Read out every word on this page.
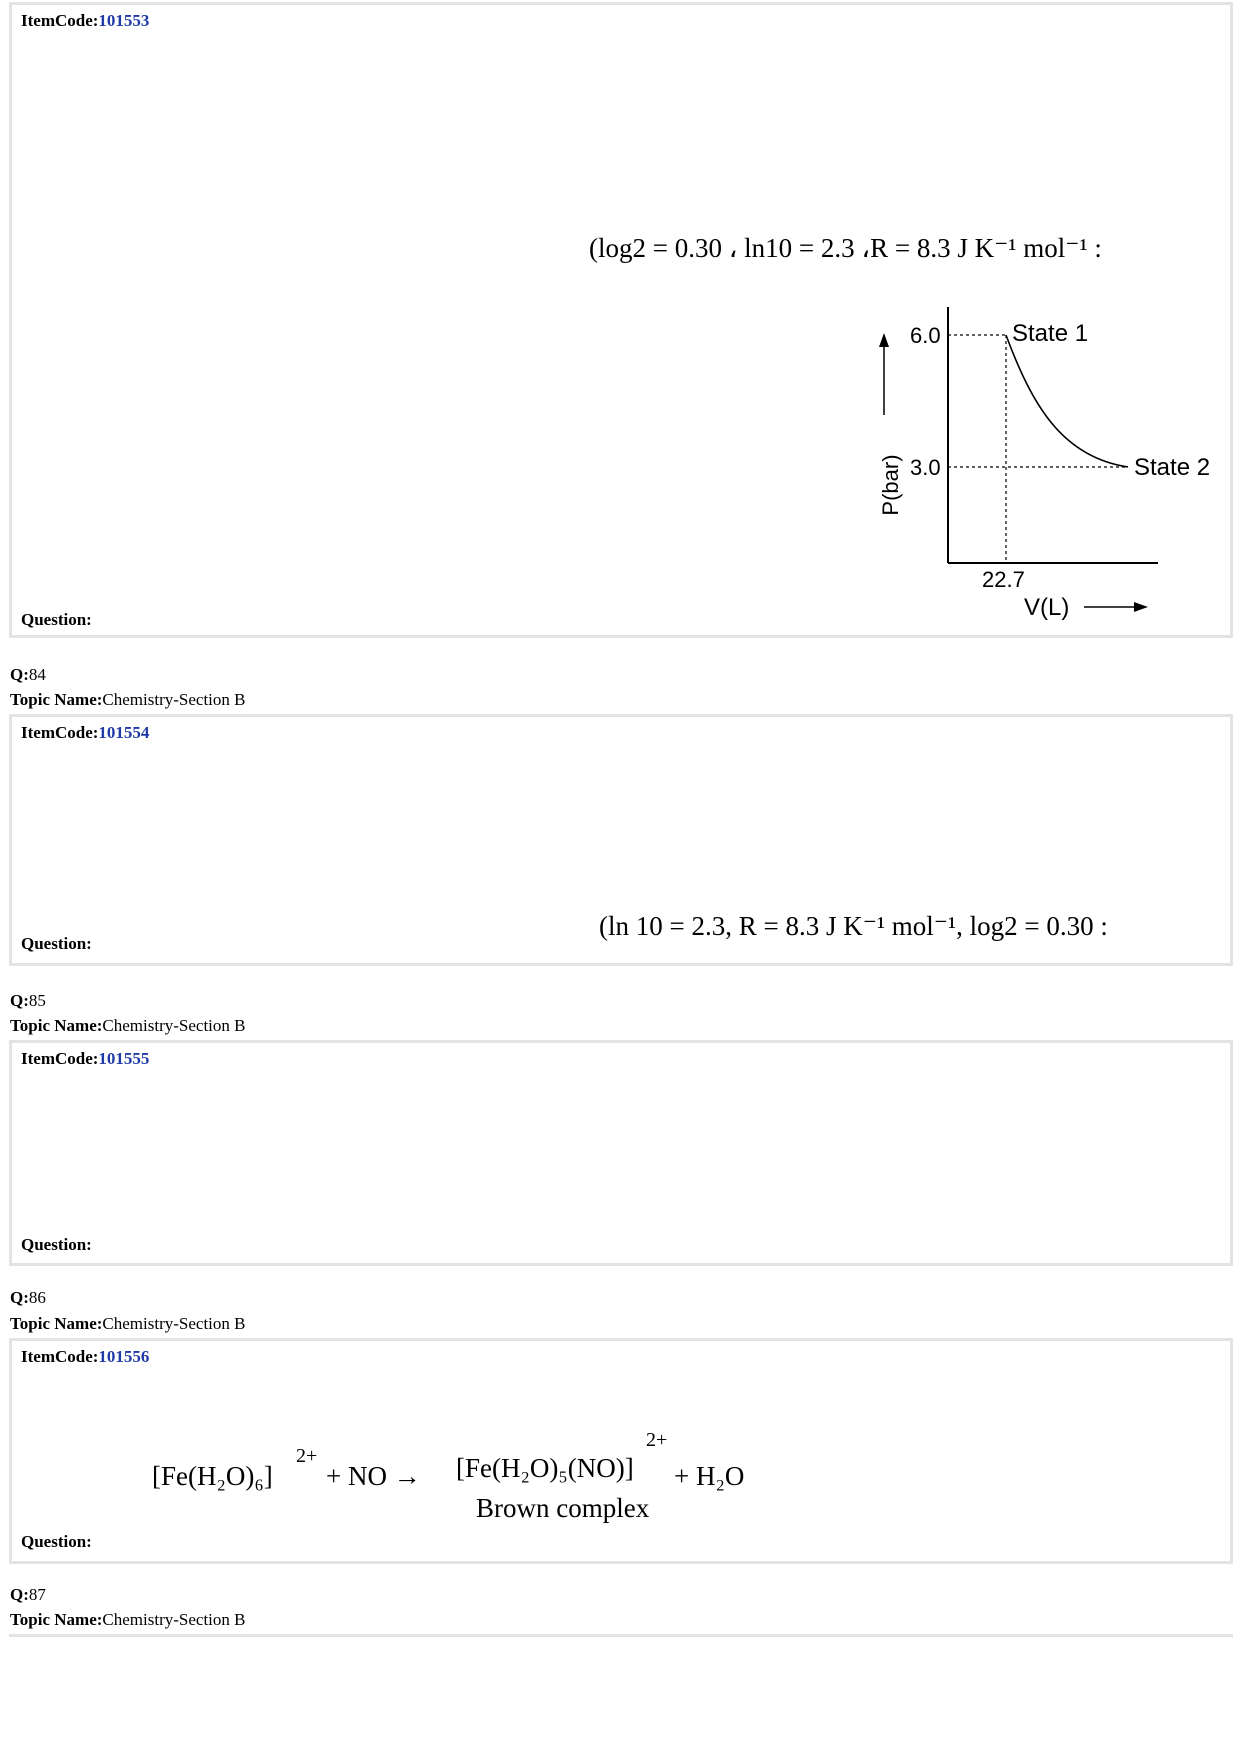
ItemCode:101553
(log2 = 0.30 ، ln10 = 2.3 ،R = 8.3 J K⁻¹ mol⁻¹ :
P(bar)
6.0
3.0
22.7
State 1
State 2
V(L)
Question:
Q:84
Topic Name:Chemistry-Section B
ItemCode:101554
(ln 10 = 2.3, R = 8.3 J K⁻¹ mol⁻¹, log2 = 0.30 :
Question:
Q:85
Topic Name:Chemistry-Section B
ItemCode:101555
Question:
Q:86
Topic Name:Chemistry-Section B
ItemCode:101556
[Fe(H₂O)₆]
2+
+ NO → [Fe(H₂O)₅(NO)]
2+
+ H₂O
Brown complex
Question:
Q:87
Topic Name:Chemistry-Section B
